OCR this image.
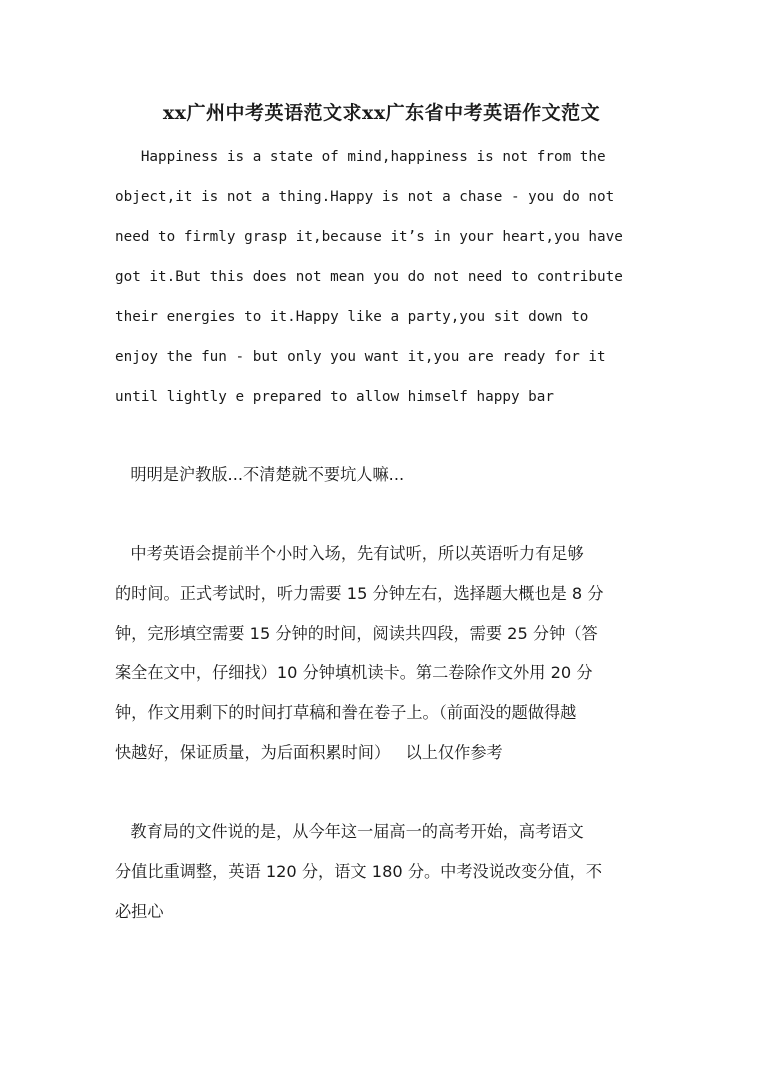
xx广州中考英语范文求xx广东省中考英语作文范文
Happiness is a state of mind,happiness is not from the
object,it is not a thing.Happy is not a chase - you do not
need to firmly grasp it,because it’s in your heart,you have
got it.But this does not mean you do not need to contribute
their energies to it.Happy like a party,you sit down to
enjoy the fun - but only you want it,you are ready for it
until lightly e prepared to allow himself happy bar
明明是沪教版...不清楚就不要坑人嘛...
中考英语会提前半个小时入场，先有试听，所以英语听力有足够
的时间。正式考试时，听力需要 15 分钟左右，选择题大概也是 8 分
钟，完形填空需要 15 分钟的时间，阅读共四段，需要 25 分钟（答
案全在文中，仔细找）10 分钟填机读卡。第二卷除作文外用 20 分
钟，作文用剩下的时间打草稿和誊在卷子上。（前面没的题做得越
快越好，保证质量，为后面积累时间）   以上仅作参考
教育局的文件说的是，从今年这一届高一的高考开始，高考语文
分值比重调整，英语 120 分，语文 180 分。中考没说改变分值，不
必担心
